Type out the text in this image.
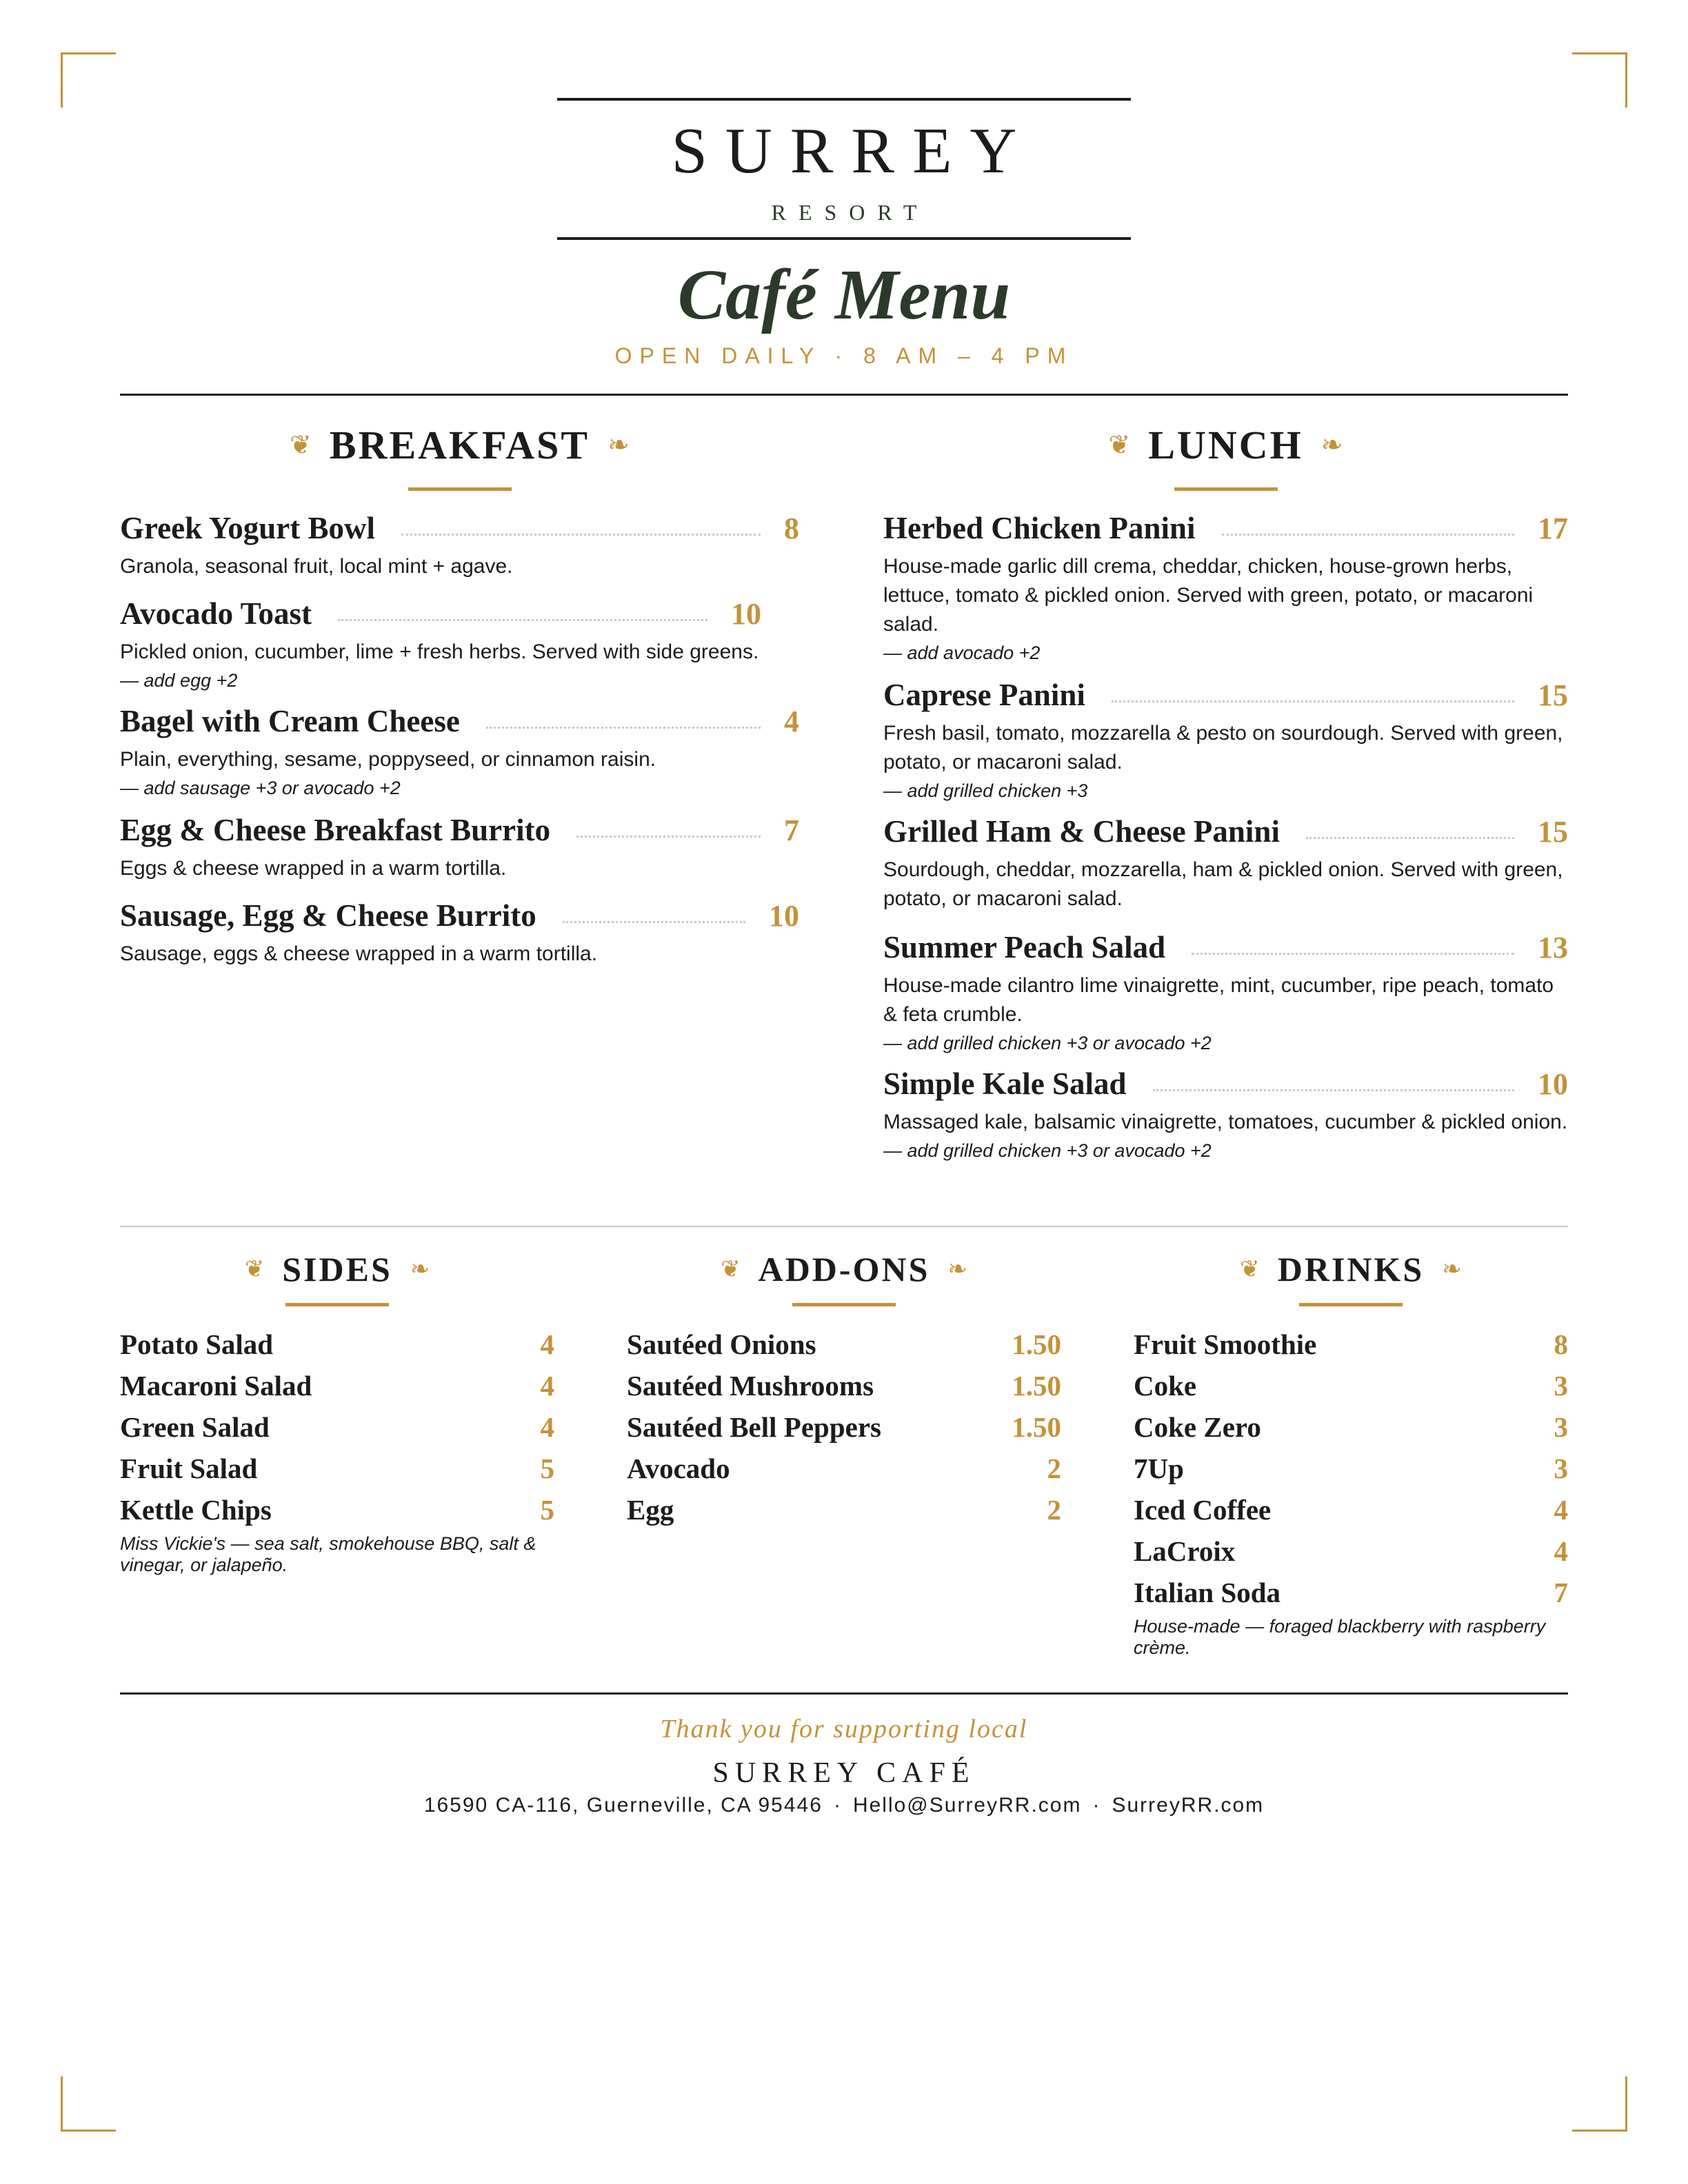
SURREY
RESORT
Café Menu
OPEN DAILY · 8 AM – 4 PM
❦ BREAKFAST ❧	❦ LUNCH ❧
Greek Yogurt Bowl	8
Granola, seasonal fruit, local mint + agave.
Avocado Toast	10
Pickled onion, cucumber, lime + fresh herbs. Served with side greens.
— add egg +2
Bagel with Cream Cheese	4
Plain, everything, sesame, poppyseed, or cinnamon raisin.
— add sausage +3 or avocado +2
Egg & Cheese Breakfast Burrito	7
Eggs & cheese wrapped in a warm tortilla.
Sausage, Egg & Cheese Burrito	10
Sausage, eggs & cheese wrapped in a warm tortilla.
Herbed Chicken Panini	17
House-made garlic dill crema, cheddar, chicken, house-grown herbs, lettuce, tomato & pickled onion. Served with green, potato, or macaroni salad.
— add avocado +2
Caprese Panini	15
Fresh basil, tomato, mozzarella & pesto on sourdough. Served with green, potato, or macaroni salad.
— add grilled chicken +3
Grilled Ham & Cheese Panini	15
Sourdough, cheddar, mozzarella, ham & pickled onion. Served with green, potato, or macaroni salad.
Summer Peach Salad	13
House-made cilantro lime vinaigrette, mint, cucumber, ripe peach, tomato & feta crumble.
— add grilled chicken +3 or avocado +2
Simple Kale Salad	10
Massaged kale, balsamic vinaigrette, tomatoes, cucumber & pickled onion.
— add grilled chicken +3 or avocado +2
❦ SIDES ❧
Potato Salad	4
Macaroni Salad	4
Green Salad	4
Fruit Salad	5
Kettle Chips	5
Miss Vickie's — sea salt, smokehouse BBQ, salt & vinegar, or jalapeño.
❦ ADD-ONS ❧
Sautéed Onions	1.50
Sautéed Mushrooms	1.50
Sautéed Bell Peppers	1.50
Avocado	2
Egg	2
❦ DRINKS ❧
Fruit Smoothie	8
Coke	3
Coke Zero	3
7Up	3
Iced Coffee	4
LaCroix	4
Italian Soda	7
House-made — foraged blackberry with raspberry crème.
Thank you for supporting local
SURREY CAFÉ
16590 CA-116, Guerneville, CA 95446 · Hello@SurreyRR.com · SurreyRR.com
